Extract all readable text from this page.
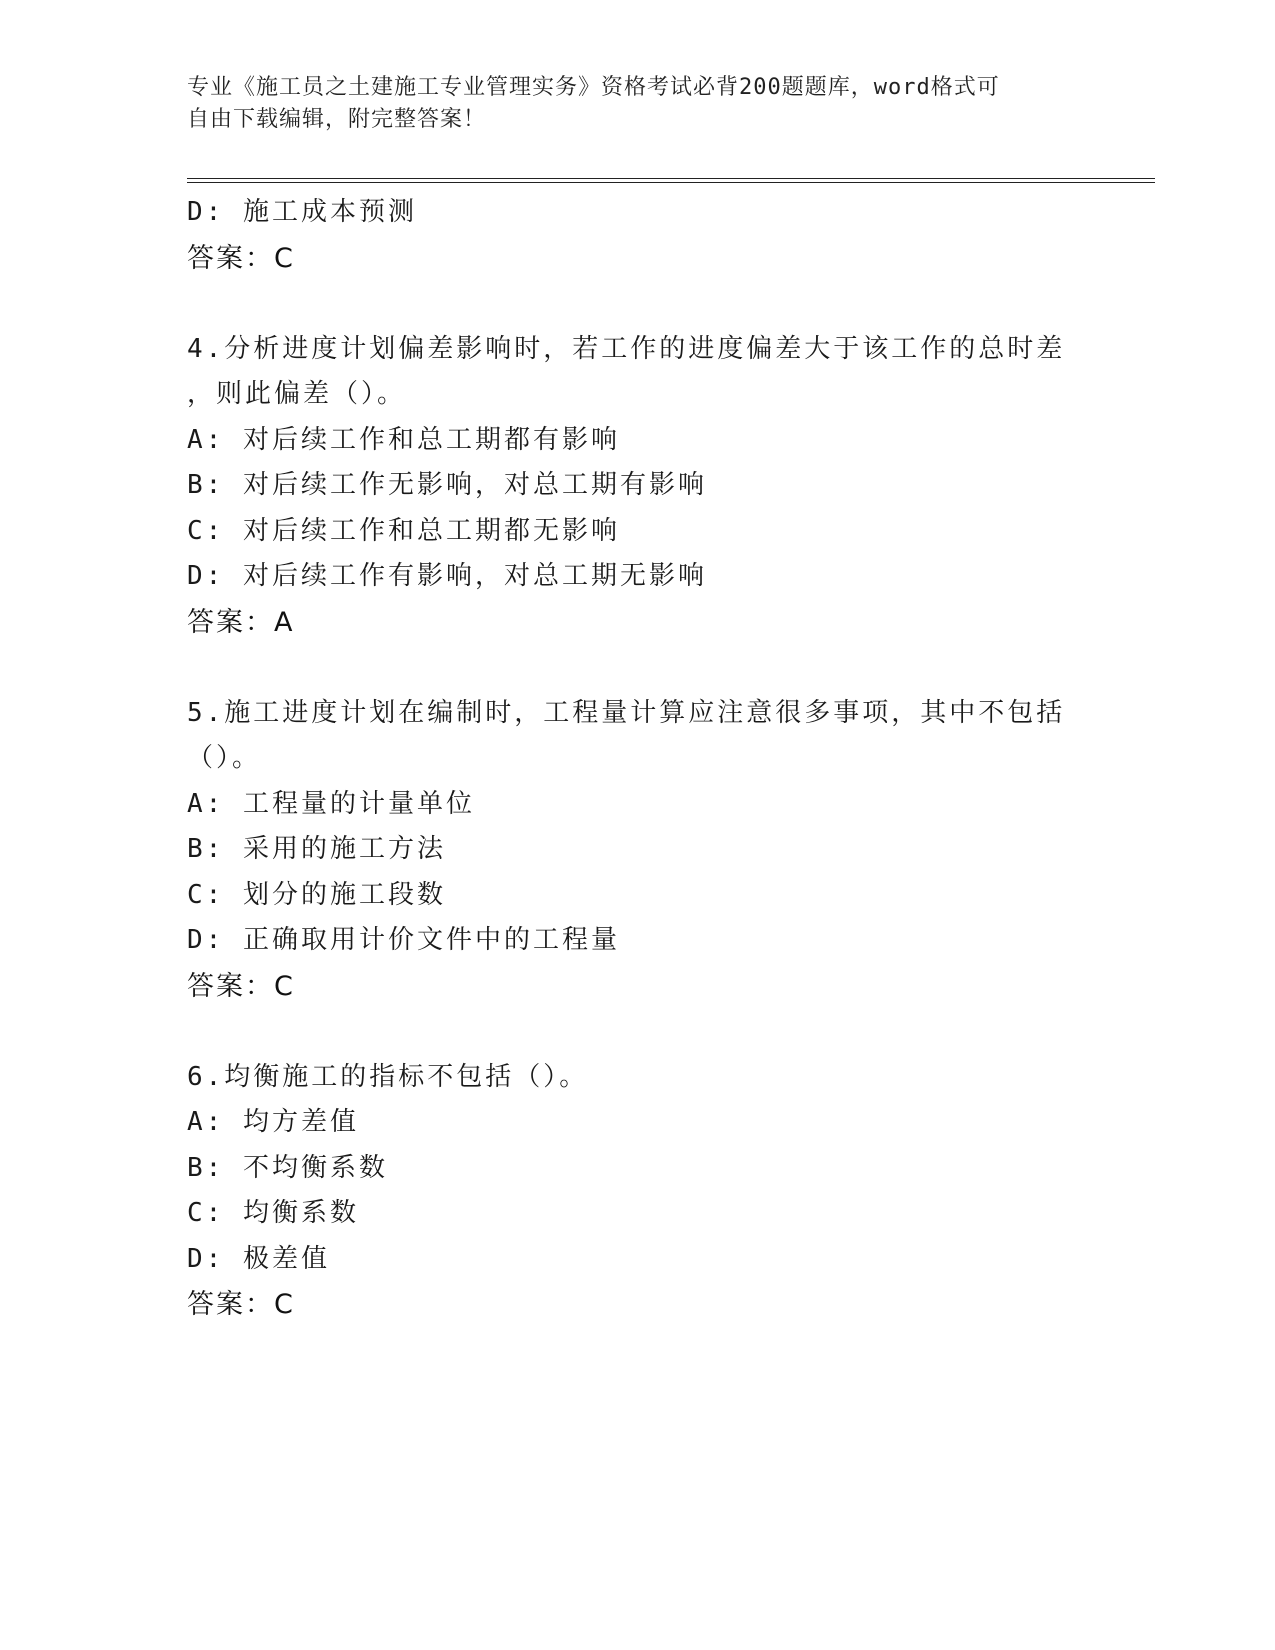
专业《施工员之土建施工专业管理实务》资格考试必背200题题库，word格式可
自由下载编辑，附完整答案！
D: 施工成本预测
答案：C
4.分析进度计划偏差影响时，若工作的进度偏差大于该工作的总时差
，则此偏差（）。
A: 对后续工作和总工期都有影响
B: 对后续工作无影响，对总工期有影响
C: 对后续工作和总工期都无影响
D: 对后续工作有影响，对总工期无影响
答案：A
5.施工进度计划在编制时，工程量计算应注意很多事项，其中不包括
（）。
A: 工程量的计量单位
B: 采用的施工方法
C: 划分的施工段数
D: 正确取用计价文件中的工程量
答案：C
6.均衡施工的指标不包括（）。
A: 均方差值
B: 不均衡系数
C: 均衡系数
D: 极差值
答案：C
